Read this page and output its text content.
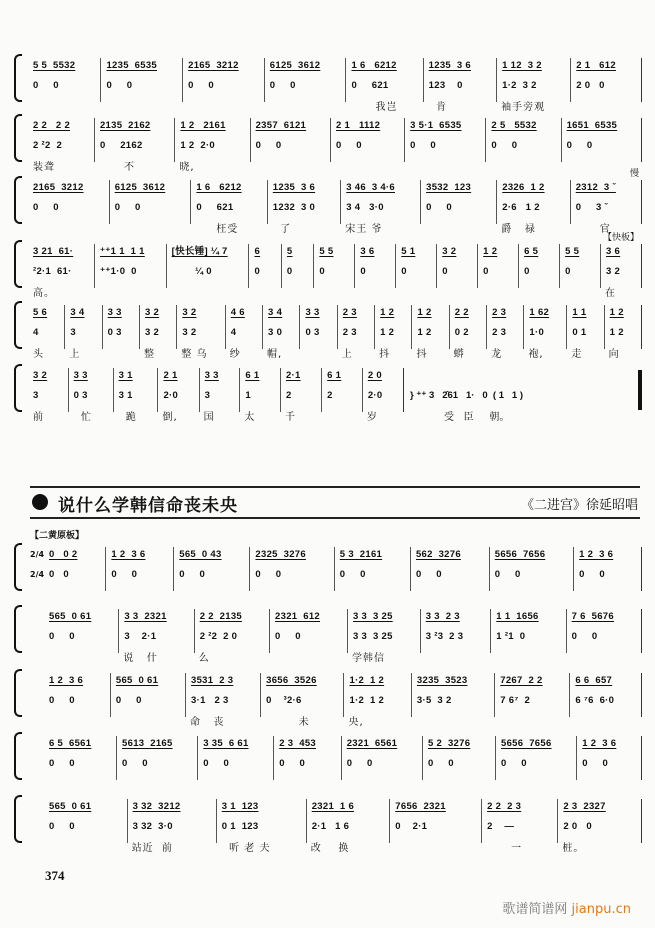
5 5  5532
0     0
1235  6535
0     0
2165  3212
0     0
6125  3612
0     0
1 6   6212
0     621
我岂
1235  3 6
123    0
肯
1 12  3 2
1·2  3 2
袖手旁观
2 1   612
2 0   0
2 2   2 2
2 ²2  2
装聋
2135  2162
0     2162
不
1 2   2161
1 2  2·0
晓,
2357  6121
0     0
2 1   1112
0     0
3 5·1  6535
0     0
2 5   5532
0     0
1651  6535
0     0
2165  3212
0     0
6125  3612
0     0
1 6   6212
0     621
枉受
1235  3 6
1232  3 0
了
3 46  3 4·6
3 4   3·0
宋王 爷
3532  123
0     0
2326  1 2
2·6   1 2
爵   禄
2312  3 ˇ
0     3 ˇ
官
慢
3 21  61·
²2·1  61·
高。
⁺⁺1 1  1 1
⁺⁺1·0  0
[快长锤] ¼ 7
¼ 0
6
0
5
0
5 5
0
3 6
0
5 1
0
3 2
0
1 2
0
6 5
0
5 5
0
3 6
3 2
在
【快板】
5 6
4
头
3 4
3
上
3 3
0 3
3 2
3 2
整
3 2
3 2
整 乌
4 6
4
纱
3 4
3 0
帽,
3 3
0 3
2 3
2 3
上
1 2
1 2
抖
1 2
1 2
抖
2 2
0 2
蟒
2 3
2 3
龙
1 62
1·0
袍,
1 1
0 1
走
1 2
1 2
向
3 2
3
前
3 3
0 3
忙
3 1
3 1
跪
2 1
2·0
倒,
3 3
3
国
6 1
1
太
2·1
2
千
6 1
2
2 0
2·0
岁
} ⁺⁺ 3   2̂61   1·   0  ( 1   1 )
受   臣     朝。
说什么学韩信命丧未央	《二进宫》徐延昭唱
【二黄原板】
2/4
2/4
0   0 2
0   0
1 2  3 6
0     0
565  0 43
0     0
2325  3276
0     0
5 3  2161
0     0
562  3276
0     0
5656  7656
0     0
1 2  3 6
0     0
565  0 61
0     0
3 3  2321
3    2·1
说   什
2 2  2135
2 ²2  2 0
么
2321  612
0     0
3 3  3 25
3 3  3 25
学韩信
3 3  2 3
3 ²3  2 3
1 1  1656
1 ²1  0
7 6  5676
0     0
1 2  3 6
0     0
565  0 61
0     0
3531  2 3
3·1   2 3
命   丧
3656  3526
0    ³2·6
未
1·2  1 2
1·2  1 2
央,
3235  3523
3·5  3 2
7267  2 2
7 6⁷  2
6 6  657
6 ⁷6  6·0
6 5  6561
0     0
5613  2165
0     0
3 35  6 61
0     0
2 3  453
0     0
2321  6561
0     0
5 2  3276
0     0
5656  7656
0     0
1 2  3 6
0     0
565  0 61
0     0
3 32  3212
3 32  3·0
站近  前
3 1  123
0 1  123
听 老 夫
2321  1 6
2·1   1 6
改    换
7656  2321
0    2·1
2 2  2 3
2    —
一
2 3  2327
2 0   0
桩。
374
歌谱简谱网 jianpu.cn
